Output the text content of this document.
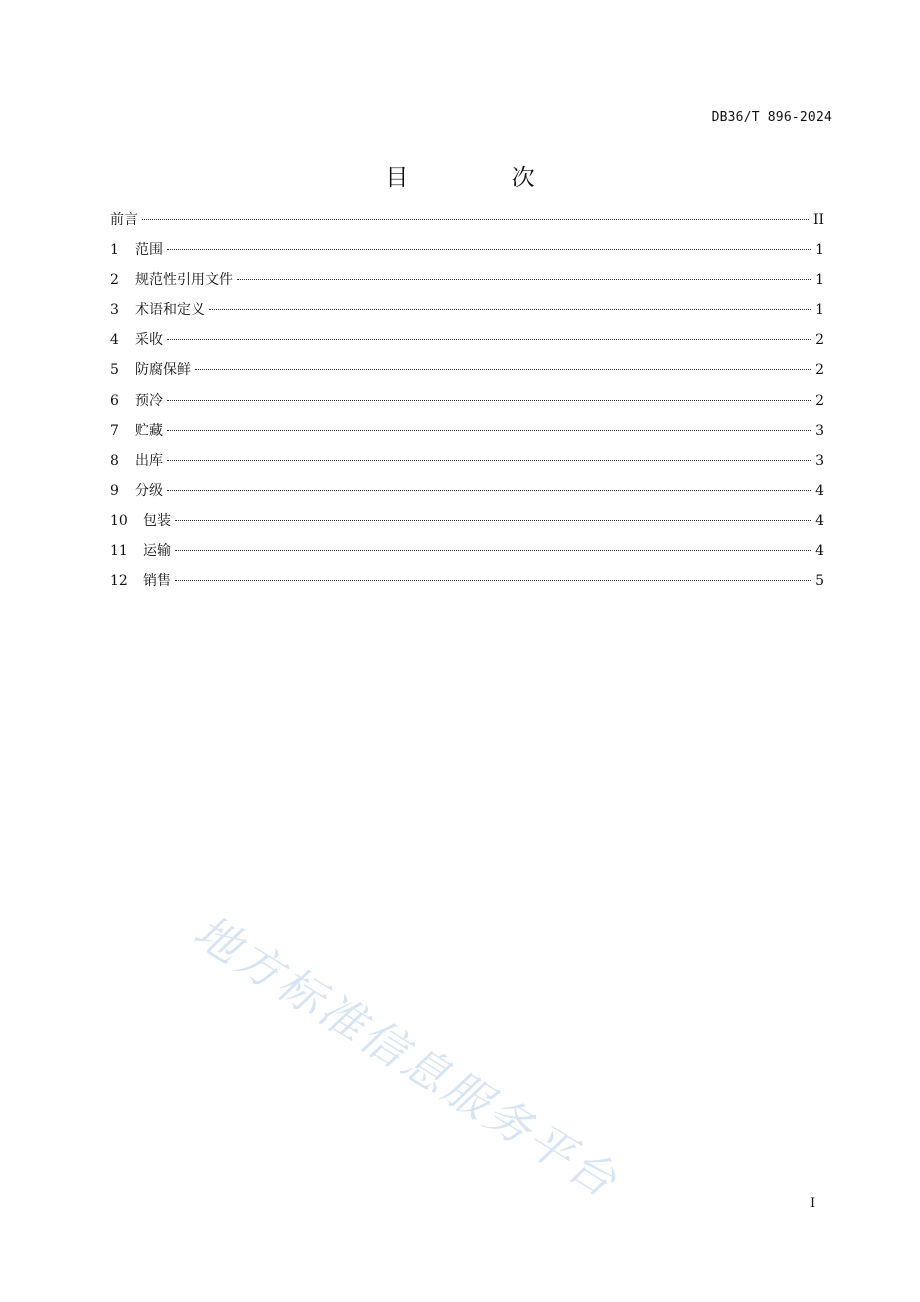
DB36/T 896-2024
目 次
前言	II
1	范围	1
2	规范性引用文件	1
3	术语和定义	1
4	采收	2
5	防腐保鲜	2
6	预冷	2
7	贮藏	3
8	出库	3
9	分级	4
10	包装	4
11	运输	4
12	销售	5
地方标准信息服务平台	I
